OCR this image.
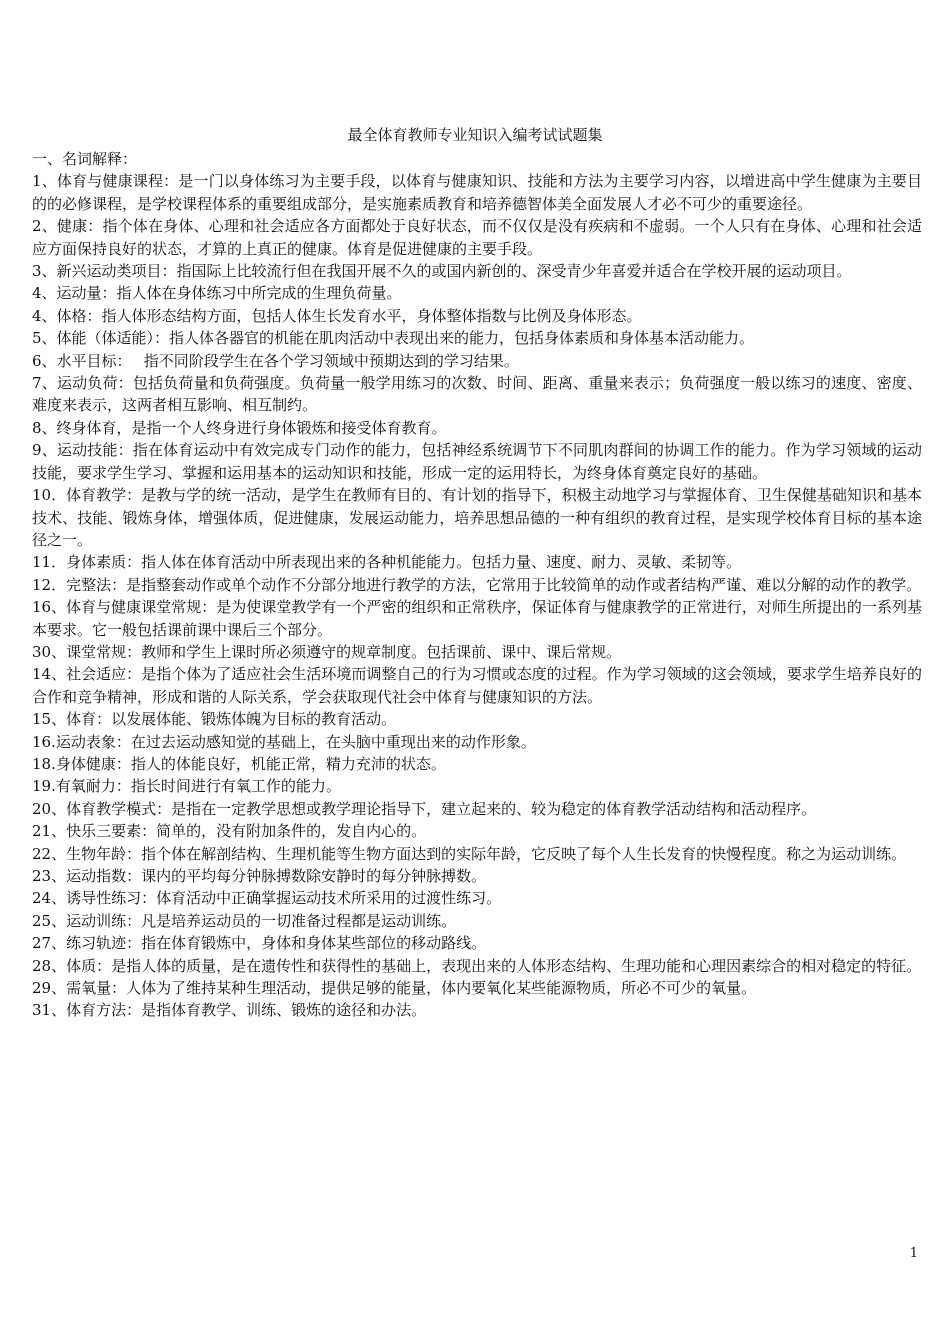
最全体育教师专业知识入编考试试题集

一、名词解释：

1、体育与健康课程：是一门以身体练习为主要手段，以体育与健康知识、技能和方法为主要学习内容，以增进高中学生健康为主要目的的必修课程，是学校课程体系的重要组成部分，是实施素质教育和培养德智体美全面发展人才必不可少的重要途径。

2、健康：指个体在身体、心理和社会适应各方面都处于良好状态，而不仅仅是没有疾病和不虚弱。一个人只有在身体、心理和社会适应方面保持良好的状态，才算的上真正的健康。体育是促进健康的主要手段。

3、新兴运动类项目：指国际上比较流行但在我国开展不久的或国内新创的、深受青少年喜爱并适合在学校开展的运动项目。

4、运动量：指人体在身体练习中所完成的生理负荷量。

4、体格：指人体形态结构方面，包括人体生长发育水平，身体整体指数与比例及身体形态。

5、体能（体适能）：指人体各器官的机能在肌肉活动中表现出来的能力，包括身体素质和身体基本活动能力。

6、水平目标：　 指不同阶段学生在各个学习领域中预期达到的学习结果。

7、运动负荷：包括负荷量和负荷强度。负荷量一般学用练习的次数、时间、距离、重量来表示；负荷强度一般以练习的速度、密度、难度来表示，这两者相互影响、相互制约。

8、终身体育，是指一个人终身进行身体锻炼和接受体育教育。

9、运动技能：指在体育运动中有效完成专门动作的能力，包括神经系统调节下不同肌肉群间的协调工作的能力。作为学习领域的运动技能，要求学生学习、掌握和运用基本的运动知识和技能，形成一定的运用特长，为终身体育奠定良好的基础。

10．体育教学：是教与学的统一活动，是学生在教师有目的、有计划的指导下，积极主动地学习与掌握体育、卫生保健基础知识和基本技术、技能、锻炼身体，增强体质，促进健康，发展运动能力，培养思想品德的一种有组织的教育过程，是实现学校体育目标的基本途径之一。

11．身体素质：指人体在体育活动中所表现出来的各种机能能力。包括力量、速度、耐力、灵敏、柔韧等。

12．完整法：是指整套动作或单个动作不分部分地进行教学的方法，它常用于比较简单的动作或者结构严谨、难以分解的动作的教学。

16、体育与健康课堂常规：是为使课堂教学有一个严密的组织和正常秩序，保证体育与健康教学的正常进行，对师生所提出的一系列基本要求。它一般包括课前课中课后三个部分。

30、课堂常规：教师和学生上课时所必须遵守的规章制度。包括课前、课中、课后常规。

14、社会适应：是指个体为了适应社会生活环境而调整自己的行为习惯或态度的过程。作为学习领域的这会领域，要求学生培养良好的合作和竞争精神，形成和谐的人际关系，学会获取现代社会中体育与健康知识的方法。

15、体育：以发展体能、锻炼体魄为目标的教育活动。

16.运动表象：在过去运动感知觉的基础上，在头脑中重现出来的动作形象。

18.身体健康：指人的体能良好，机能正常，精力充沛的状态。

19.有氧耐力：指长时间进行有氧工作的能力。

20、体育教学模式：是指在一定教学思想或教学理论指导下，建立起来的、较为稳定的体育教学活动结构和活动程序。

21、快乐三要素：简单的，没有附加条件的，发自内心的。

22、生物年龄：指个体在解剖结构、生理机能等生物方面达到的实际年龄，它反映了每个人生长发育的快慢程度。称之为运动训练。

23、运动指数：课内的平均每分钟脉搏数除安静时的每分钟脉搏数。

24、诱导性练习：体育活动中正确掌握运动技术所采用的过渡性练习。

25、运动训练：凡是培养运动员的一切准备过程都是运动训练。

27、练习轨迹：指在体育锻炼中，身体和身体某些部位的移动路线。

28、体质：是指人体的质量，是在遗传性和获得性的基础上，表现出来的人体形态结构、生理功能和心理因素综合的相对稳定的特征。

29、需氧量：人体为了维持某种生理活动，提供足够的能量，体内要氧化某些能源物质，所必不可少的氧量。

31、体育方法：是指体育教学、训练、锻炼的途径和办法。

1
